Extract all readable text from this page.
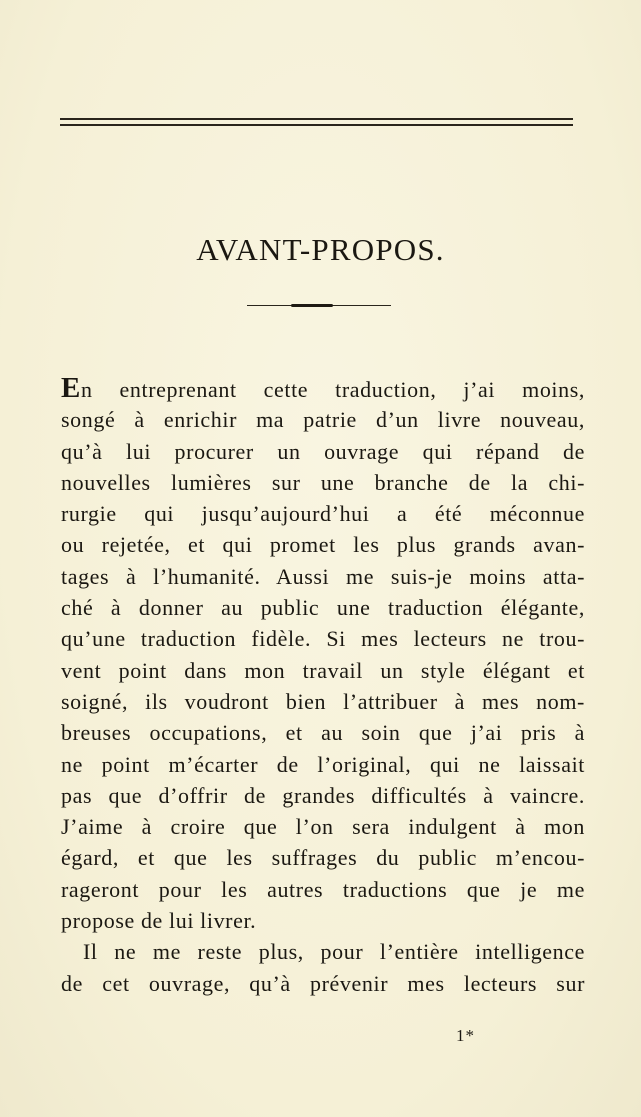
AVANT-PROPOS.
En entreprenant cette traduction, j’ai moins,
songé à enrichir ma patrie d’un livre nouveau,
qu’à lui procurer un ouvrage qui répand de
nouvelles lumières sur une branche de la chi-
rurgie qui jusqu’aujourd’hui a été méconnue
ou rejetée, et qui promet les plus grands avan-
tages à l’humanité. Aussi me suis-je moins atta-
ché à donner au public une traduction élégante,
qu’une traduction fidèle. Si mes lecteurs ne trou-
vent point dans mon travail un style élégant et
soigné, ils voudront bien l’attribuer à mes nom-
breuses occupations, et au soin que j’ai pris à
ne point m’écarter de l’original, qui ne laissait
pas que d’offrir de grandes difficultés à vaincre.
J’aime à croire que l’on sera indulgent à mon
égard, et que les suffrages du public m’encou-
rageront pour les autres traductions que je me
propose de lui livrer.
Il ne me reste plus, pour l’entière intelligence
de cet ouvrage, qu’à prévenir mes lecteurs sur
1*
